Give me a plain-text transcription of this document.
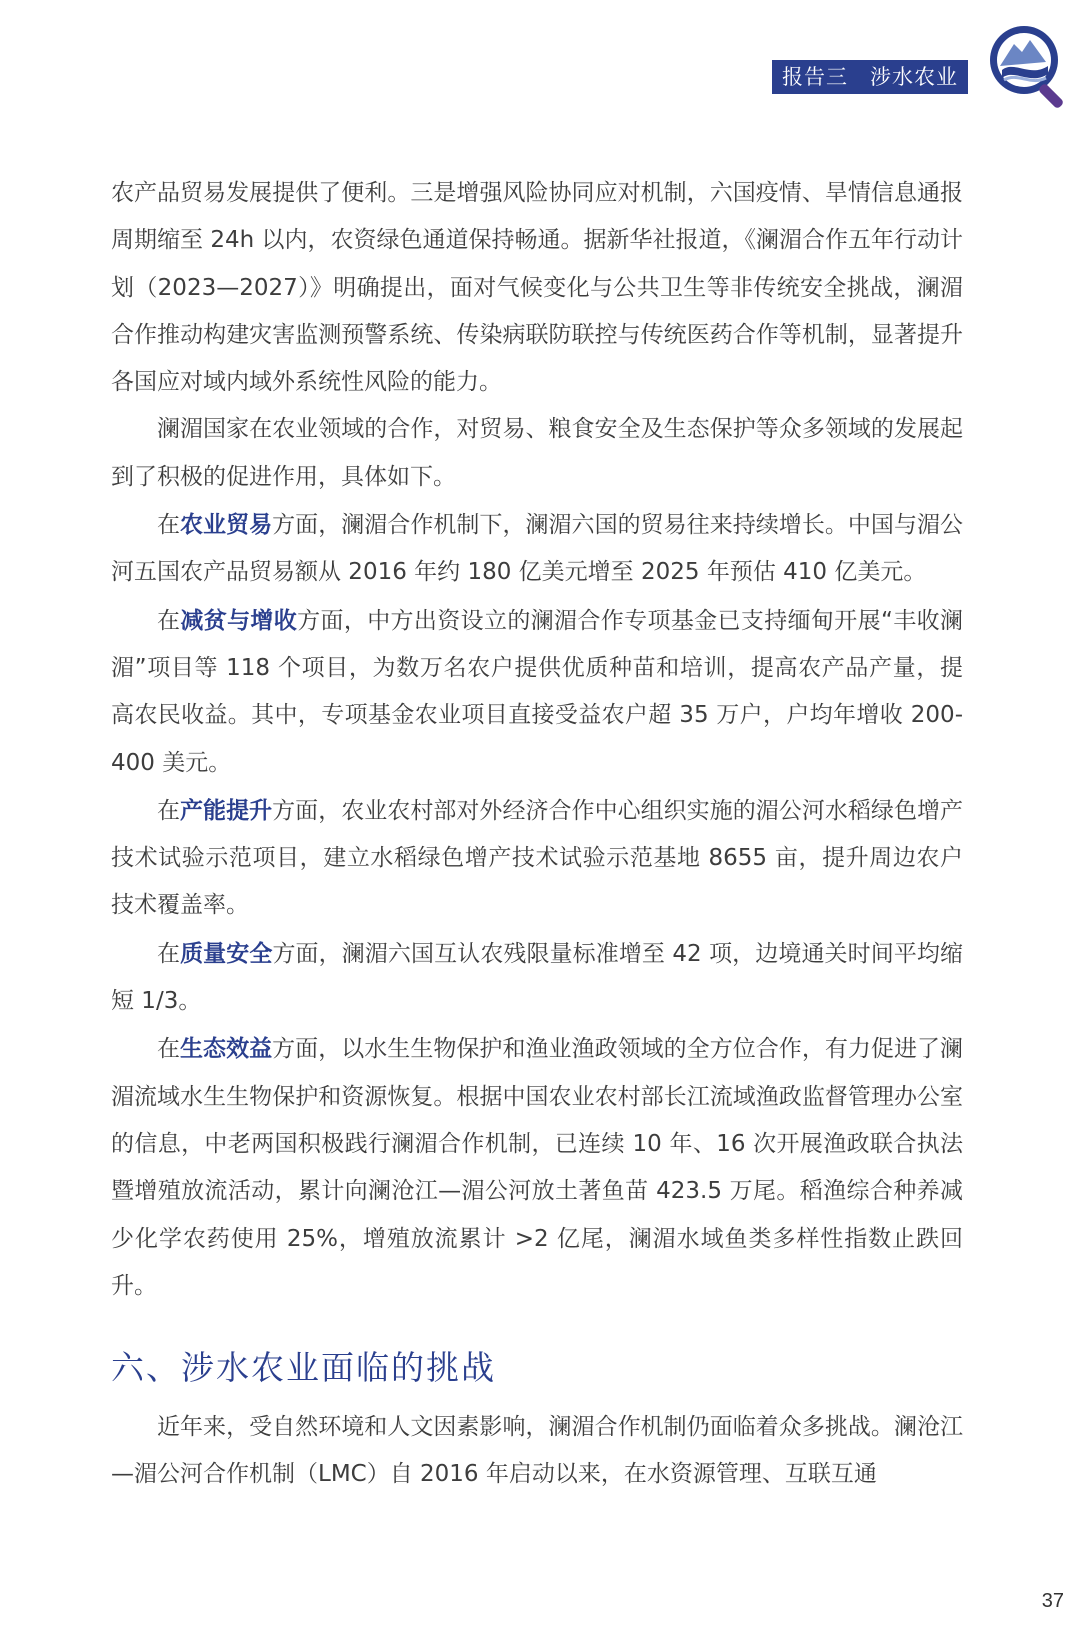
报告三　涉水农业

农产品贸易发展提供了便利。三是增强风险协同应对机制，六国疫情、旱情信息通报周期缩至 24h 以内，农资绿色通道保持畅通。据新华社报道，《澜湄合作五年行动计划（2023—2027）》明确提出，面对气候变化与公共卫生等非传统安全挑战，澜湄合作推动构建灾害监测预警系统、传染病联防联控与传统医药合作等机制，显著提升各国应对域内域外系统性风险的能力。

澜湄国家在农业领域的合作，对贸易、粮食安全及生态保护等众多领域的发展起到了积极的促进作用，具体如下。

在农业贸易方面，澜湄合作机制下，澜湄六国的贸易往来持续增长。中国与湄公河五国农产品贸易额从 2016 年约 180 亿美元增至 2025 年预估 410 亿美元。

在减贫与增收方面，中方出资设立的澜湄合作专项基金已支持缅甸开展“丰收澜湄”项目等 118 个项目，为数万名农户提供优质种苗和培训，提高农产品产量，提高农民收益。其中，专项基金农业项目直接受益农户超 35 万户，户均年增收 200-400 美元。

在产能提升方面，农业农村部对外经济合作中心组织实施的湄公河水稻绿色增产技术试验示范项目，建立水稻绿色增产技术试验示范基地 8655 亩，提升周边农户技术覆盖率。

在质量安全方面，澜湄六国互认农残限量标准增至 42 项，边境通关时间平均缩短 1/3。

在生态效益方面，以水生生物保护和渔业渔政领域的全方位合作，有力促进了澜湄流域水生生物保护和资源恢复。根据中国农业农村部长江流域渔政监督管理办公室的信息，中老两国积极践行澜湄合作机制，已连续 10 年、16 次开展渔政联合执法暨增殖放流活动，累计向澜沧江—湄公河放土著鱼苗 423.5 万尾。稻渔综合种养减少化学农药使用 25%，增殖放流累计 >2 亿尾，澜湄水域鱼类多样性指数止跌回升。

六、涉水农业面临的挑战

近年来，受自然环境和人文因素影响，澜湄合作机制仍面临着众多挑战。澜沧江—湄公河合作机制（LMC）自 2016 年启动以来，在水资源管理、互联互通

37
